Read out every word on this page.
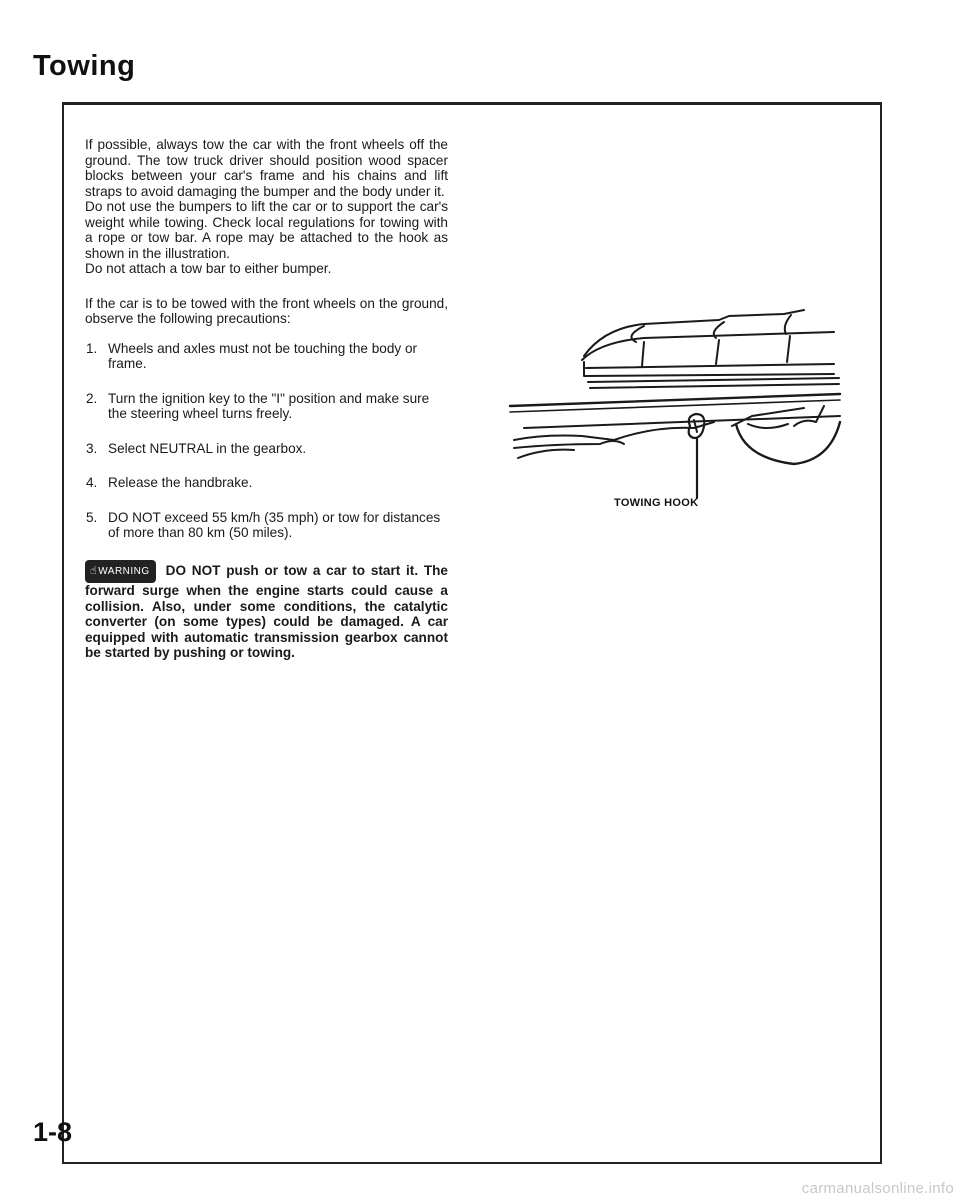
Towing

If possible, always tow the car with the front wheels off the ground. The tow truck driver should position wood spacer blocks between your car's frame and his chains and lift straps to avoid damaging the bumper and the body under it.

Do not use the bumpers to lift the car or to support the car's weight while towing. Check local regulations for towing with a rope or tow bar. A rope may be attached to the hook as shown in the illustration.

Do not attach a tow bar to either bumper.

If the car is to be towed with the front wheels on the ground, observe the following precautions:

1. Wheels and axles must not be touching the body or frame.
2. Turn the ignition key to the "I" position and make sure the steering wheel turns freely.
3. Select NEUTRAL in the gearbox.
4. Release the handbrake.
5. DO NOT exceed 55 km/h (35 mph) or tow for distances of more than 80 km (50 miles).

☝WARNING DO NOT push or tow a car to start it. The forward surge when the engine starts could cause a collision. Also, under some conditions, the catalytic converter (on some types) could be damaged. A car equipped with automatic transmission gearbox cannot be started by pushing or towing.

TOWING HOOK
1-8
carmanualsonline.info
